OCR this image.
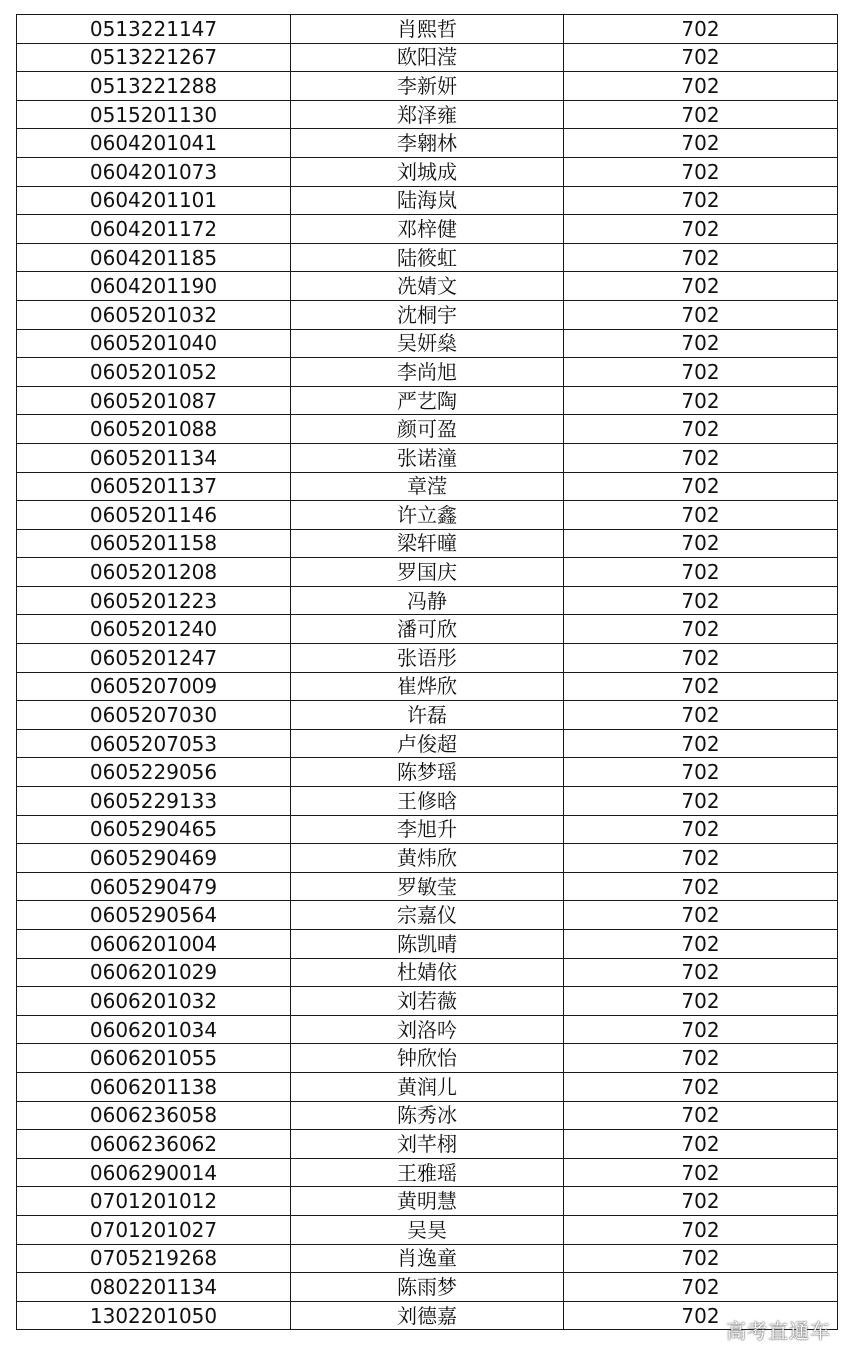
0513221147	肖熙哲	702
0513221267	欧阳滢	702
0513221288	李新妍	702
0515201130	郑泽雍	702
0604201041	李翱林	702
0604201073	刘城成	702
0604201101	陆海岚	702
0604201172	邓梓健	702
0604201185	陆筱虹	702
0604201190	冼婧文	702
0605201032	沈桐宇	702
0605201040	吴妍燊	702
0605201052	李尚旭	702
0605201087	严艺陶	702
0605201088	颜可盈	702
0605201134	张诺潼	702
0605201137	章滢	702
0605201146	许立鑫	702
0605201158	梁轩曈	702
0605201208	罗国庆	702
0605201223	冯静	702
0605201240	潘可欣	702
0605201247	张语彤	702
0605207009	崔烨欣	702
0605207030	许磊	702
0605207053	卢俊超	702
0605229056	陈梦瑶	702
0605229133	王修晗	702
0605290465	李旭升	702
0605290469	黄炜欣	702
0605290479	罗敏莹	702
0605290564	宗嘉仪	702
0606201004	陈凯晴	702
0606201029	杜婧依	702
0606201032	刘若薇	702
0606201034	刘洛吟	702
0606201055	钟欣怡	702
0606201138	黄润儿	702
0606236058	陈秀冰	702
0606236062	刘芊栩	702
0606290014	王雅瑶	702
0701201012	黄明慧	702
0701201027	吴昊	702
0705219268	肖逸童	702
0802201134	陈雨梦	702
1302201050	刘德嘉	702
高考直通车
